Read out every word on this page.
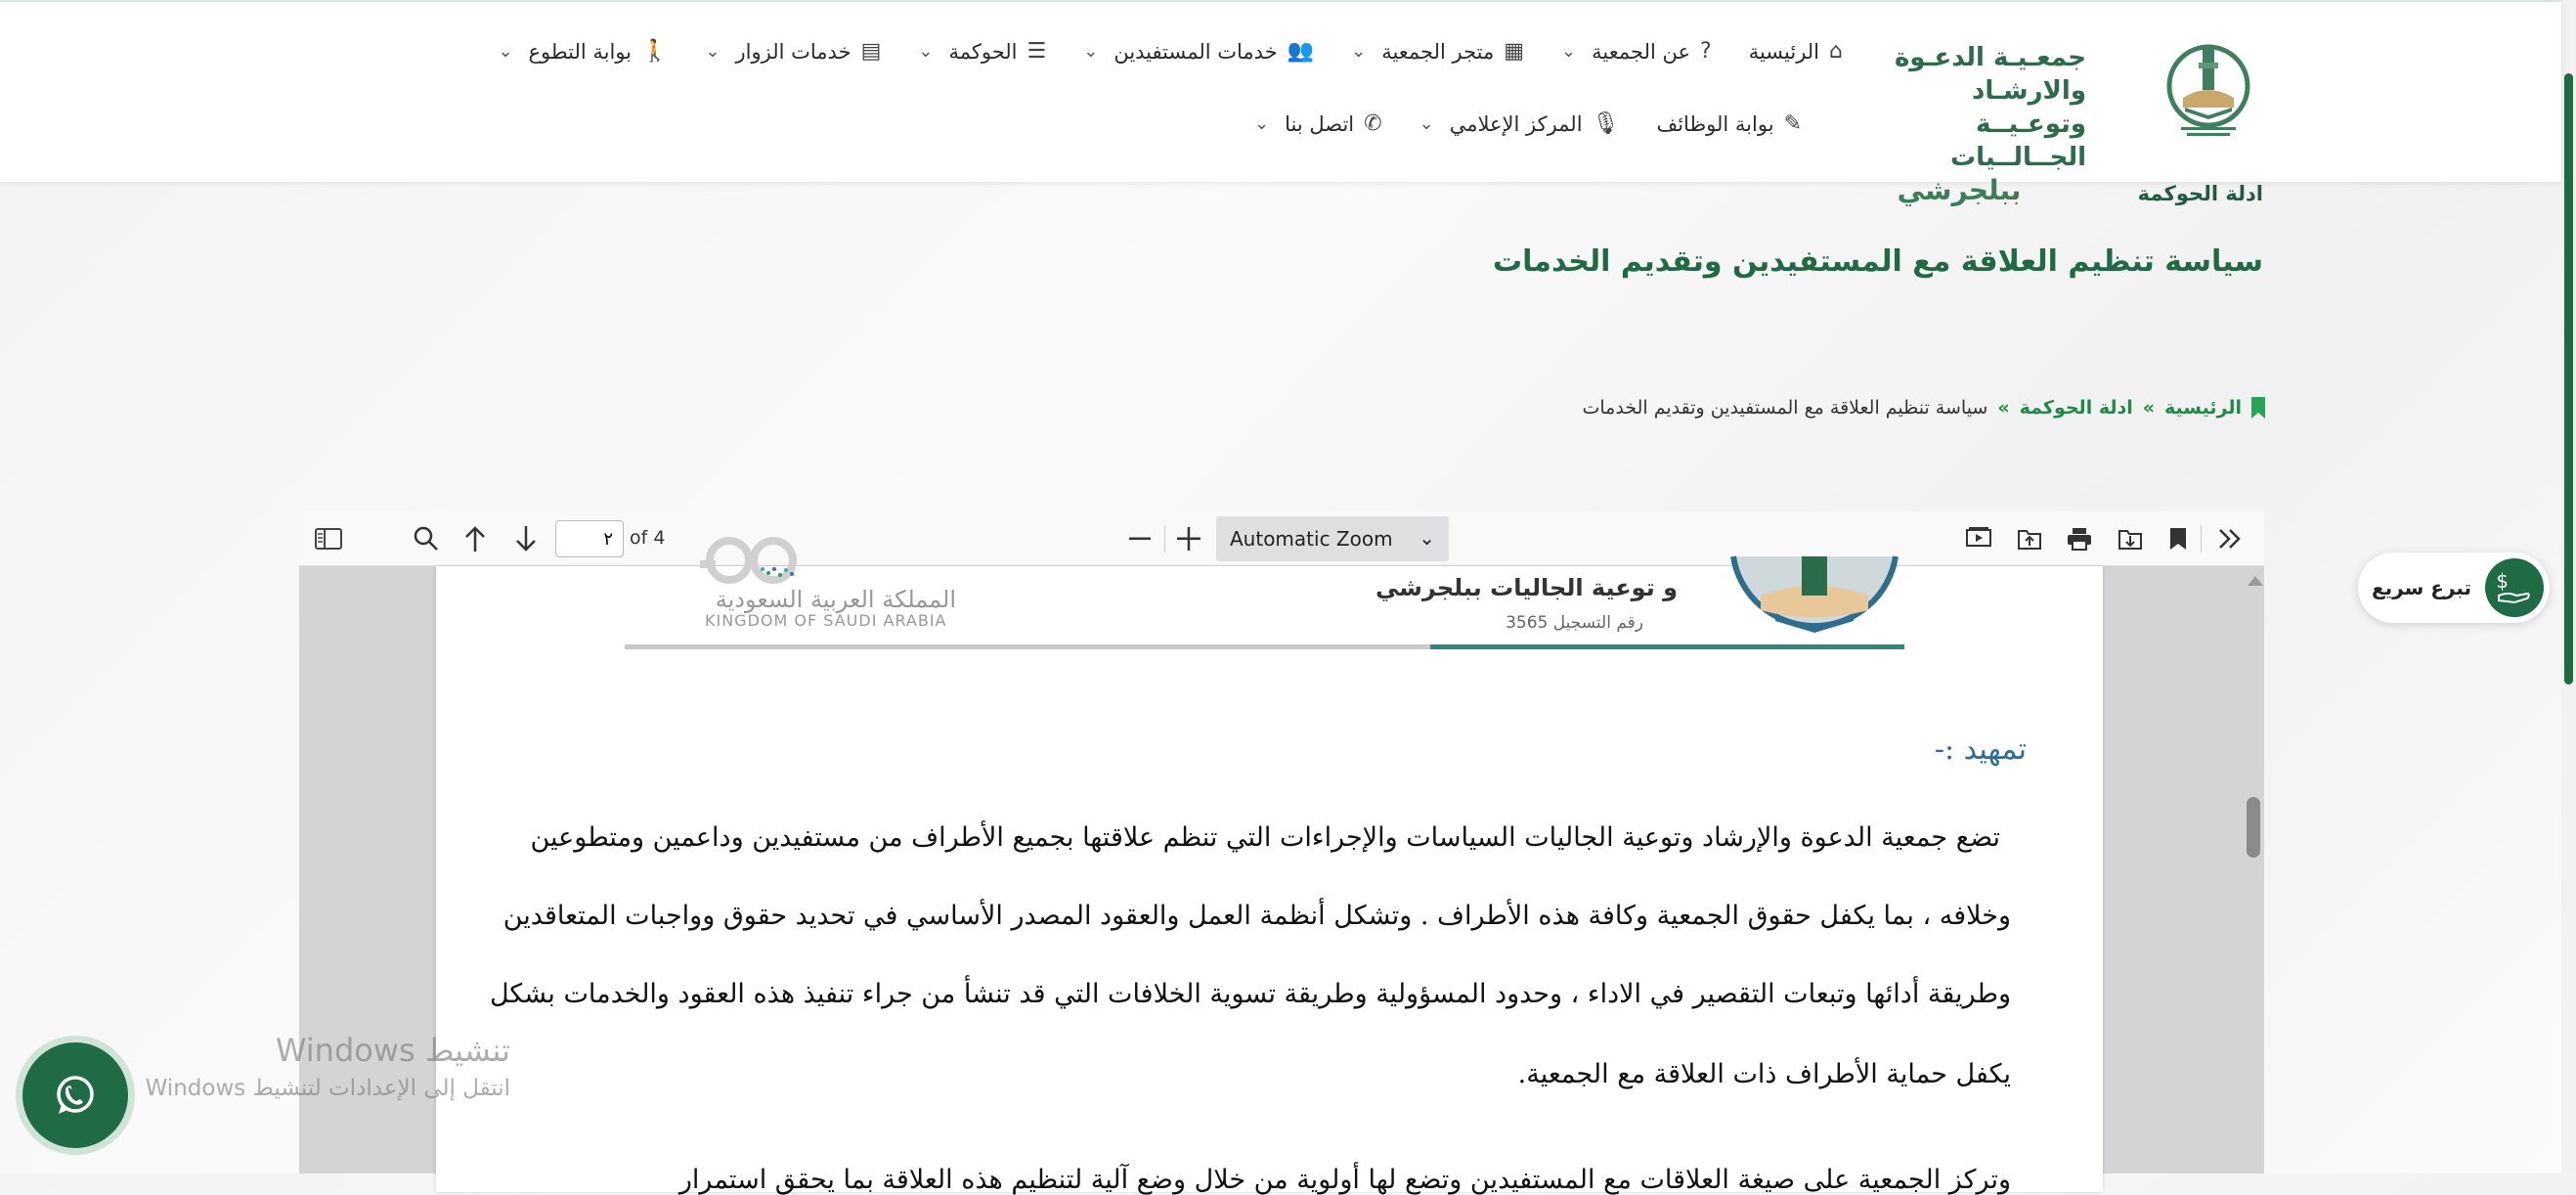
جمعـيـة الدعـوة والارشـاد
وتوعـيــة الجــالــيات
ببلجرشي
⌂
الرئيسية
?
عن الجمعية
⌄
▦
متجر الجمعية
⌄
👥
خدمات المستفيدين
⌄
☰
الحوكمة
⌄
▤
خدمات الزوار
⌄
🚶
بوابة التطوع
⌄
✎
بوابة الوظائف
🎙
المركز الإعلامي
⌄
✆
اتصل بنا
⌄
ادلة الحوكمة
سياسة تنظيم العلاقة مع المستفيدين وتقديم الخدمات
الرئيسية
»
ادلة الحوكمة
»
سياسة تنظيم العلاقة مع المستفيدين وتقديم الخدمات
٢
of 4	Automatic Zoom ⌄
و توعية الجاليات ببلجرشي
رقم التسجيل 3565
المملكة العربية السعودية
KINGDOM OF SAUDI ARABIA
تمهيد :-
تضع جمعية الدعوة والإرشاد وتوعية الجاليات السياسات والإجراءات التي تنظم علاقتها بجميع الأطراف من مستفيدين وداعمين ومتطوعين
وخلافه ، بما يكفل حقوق الجمعية وكافة هذه الأطراف . وتشكل أنظمة العمل والعقود المصدر الأساسي في تحديد حقوق وواجبات المتعاقدين
وطريقة أدائها وتبعات التقصير في الاداء ، وحدود المسؤولية وطريقة تسوية الخلافات التي قد تنشأ من جراء تنفيذ هذه العقود والخدمات بشكل
يكفل حماية الأطراف ذات العلاقة مع الجمعية.
وتركز الجمعية على صيغة العلاقات مع المستفيدين وتضع لها أولوية من خلال وضع آلية لتنظيم هذه العلاقة بما يحقق استمرار
تنشيط Windows
انتقل إلى الإعدادات لتنشيط Windows
$
تبرع سريع
